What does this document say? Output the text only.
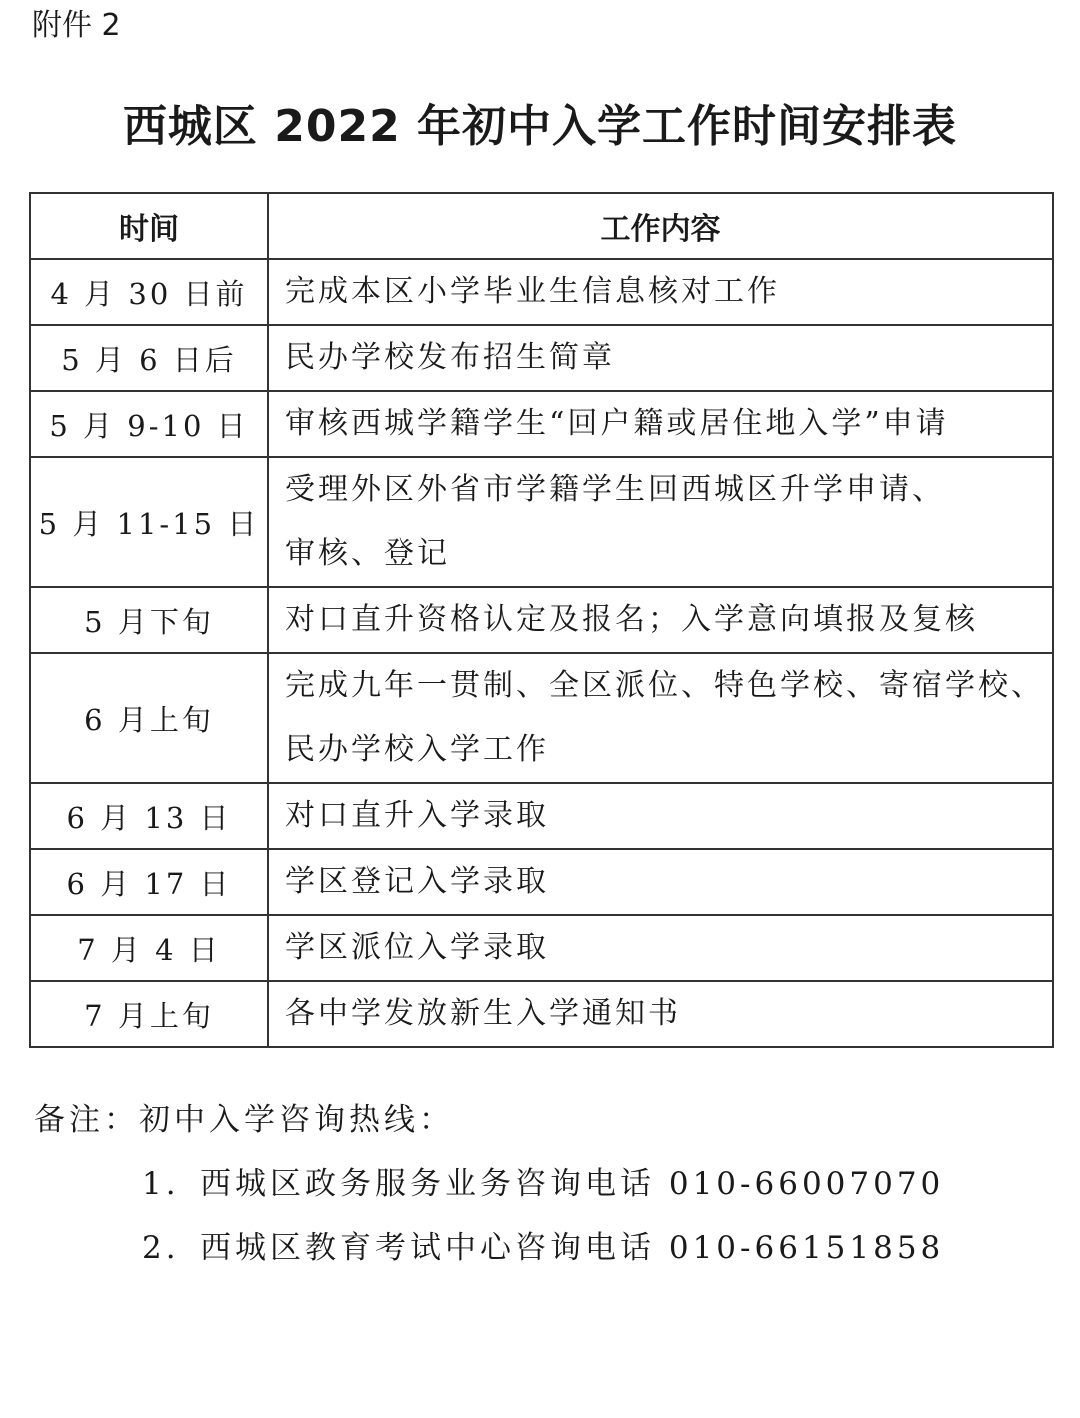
附件 2
西城区 2022 年初中入学工作时间安排表
时间	工作内容
4 月 30 日前	完成本区小学毕业生信息核对工作

5 月 6 日后	民办学校发布招生简章

5 月 9-10 日	审核西城学籍学生“回户籍或居住地入学”申请

5 月 11-15 日	受理外区外省市学籍学生回西城区升学申请、
审核、登记

5 月下旬	对口直升资格认定及报名；入学意向填报及复核

6 月上旬	完成九年一贯制、全区派位、特色学校、寄宿学校、
民办学校入学工作

6 月 13 日	对口直升入学录取

6 月 17 日	学区登记入学录取

7 月 4 日	学区派位入学录取

7 月上旬	各中学发放新生入学通知书

备注：初中入学咨询热线：

1. 西城区政务服务业务咨询电话 010-66007070
2. 西城区教育考试中心咨询电话 010-66151858
